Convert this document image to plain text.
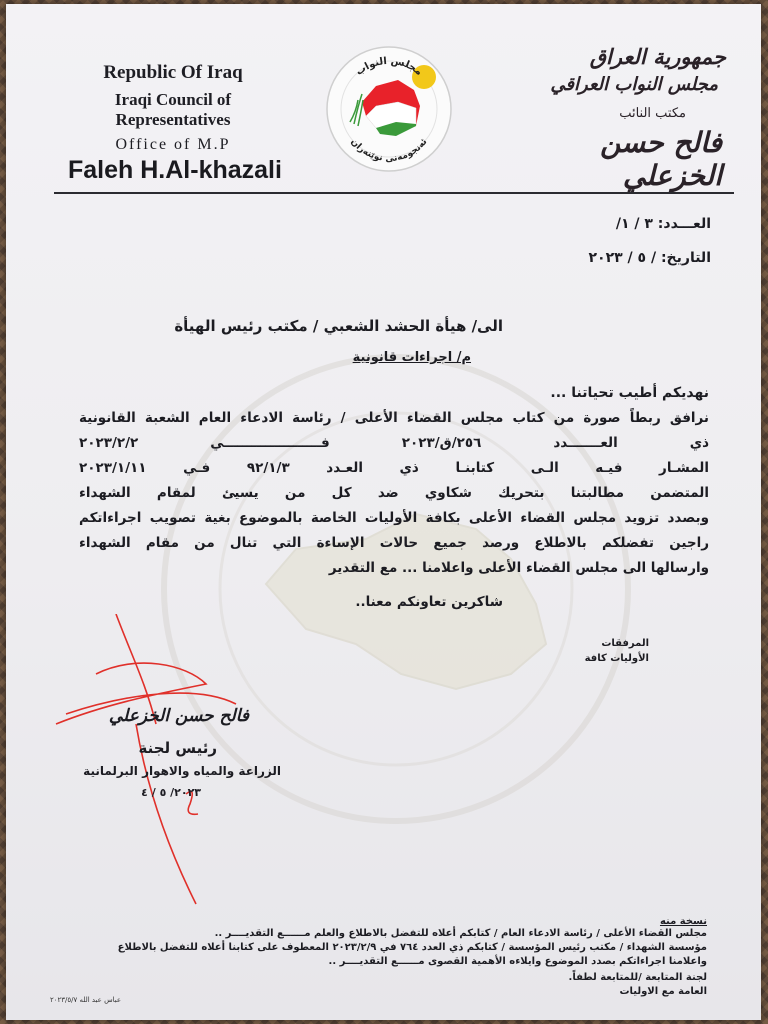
Republic Of Iraq
Iraqi Council of Representatives
Office of M.P
Faleh H.Al-khazali
مجلس النواب
ئەنجومەنی نوێنەران
جمهورية العراق
مجلس النواب العراقي
مكتب النائب
فالح حسن الخزعلي
العـــدد: ٣ / ١/
التاريخ: / ٥ / ٢٠٢٣
الى/ هيأة الحشد الشعبي / مكتب رئيس الهيأة
م/ اجراءات قانونية
نهديكم أطيب تحياتنا ...
نرافق ربطاً صورة من كتاب مجلس القضاء الأعلى / رئاسة الادعاء العام الشعبة القانونية
ذي العـــــــدد ٢٥٦/ق/٢٠٢٣ فـــــــــــــــــــــي ٢٠٢٣/٢/٢
المشـار فيـه الـى كتابنـا ذي العـدد ٩٢/١/٣ فـي ٢٠٢٣/١/١١
المتضمن مطالبتنا بتحريك شكاوي ضد كل من يسيئ لمقام الشهداء
وبصدد تزويد مجلس القضاء الأعلى بكافة الأوليات الخاصة بالموضوع بغية تصويب اجراءاتكم
راجين تفضلكم بالاطلاع ورصد جميع حالات الإساءة التي تنال من مقام الشهداء
وارسالها الى مجلس القضاء الأعلى واعلامنا ... مع التقدير
شاكرين تعاونكم معنا..
المرفقات
الأوليات كافة
فالح حسن الخزعلي
رئيس لجنة
الزراعة والمياه والاهوار البرلمانية
٢٠٢٣/ ٥ / ٤
نسخة منه
مجلس القضاء الأعلى / رئاسة الادعاء العام / كتابكم أعلاه للتفضل بالاطلاع والعلم مــــــع التقديــــر ..
مؤسسة الشهداء / مكتب رئيس المؤسسة / كتابكم ذي العدد ٧٦٤ في ٢٠٢٣/٢/٩ المعطوف على كتابنا أعلاه للتفضل بالاطلاع
واعلامنا اجراءاتكم بصدد الموضوع وايلاءه الأهمية القصوى مــــــع التقديــــر ..
لجنة المتابعة /للمتابعة لطفاً.
العامة مع الاوليات
عباس عبد الله ٢٠٢٣/٥/٧
